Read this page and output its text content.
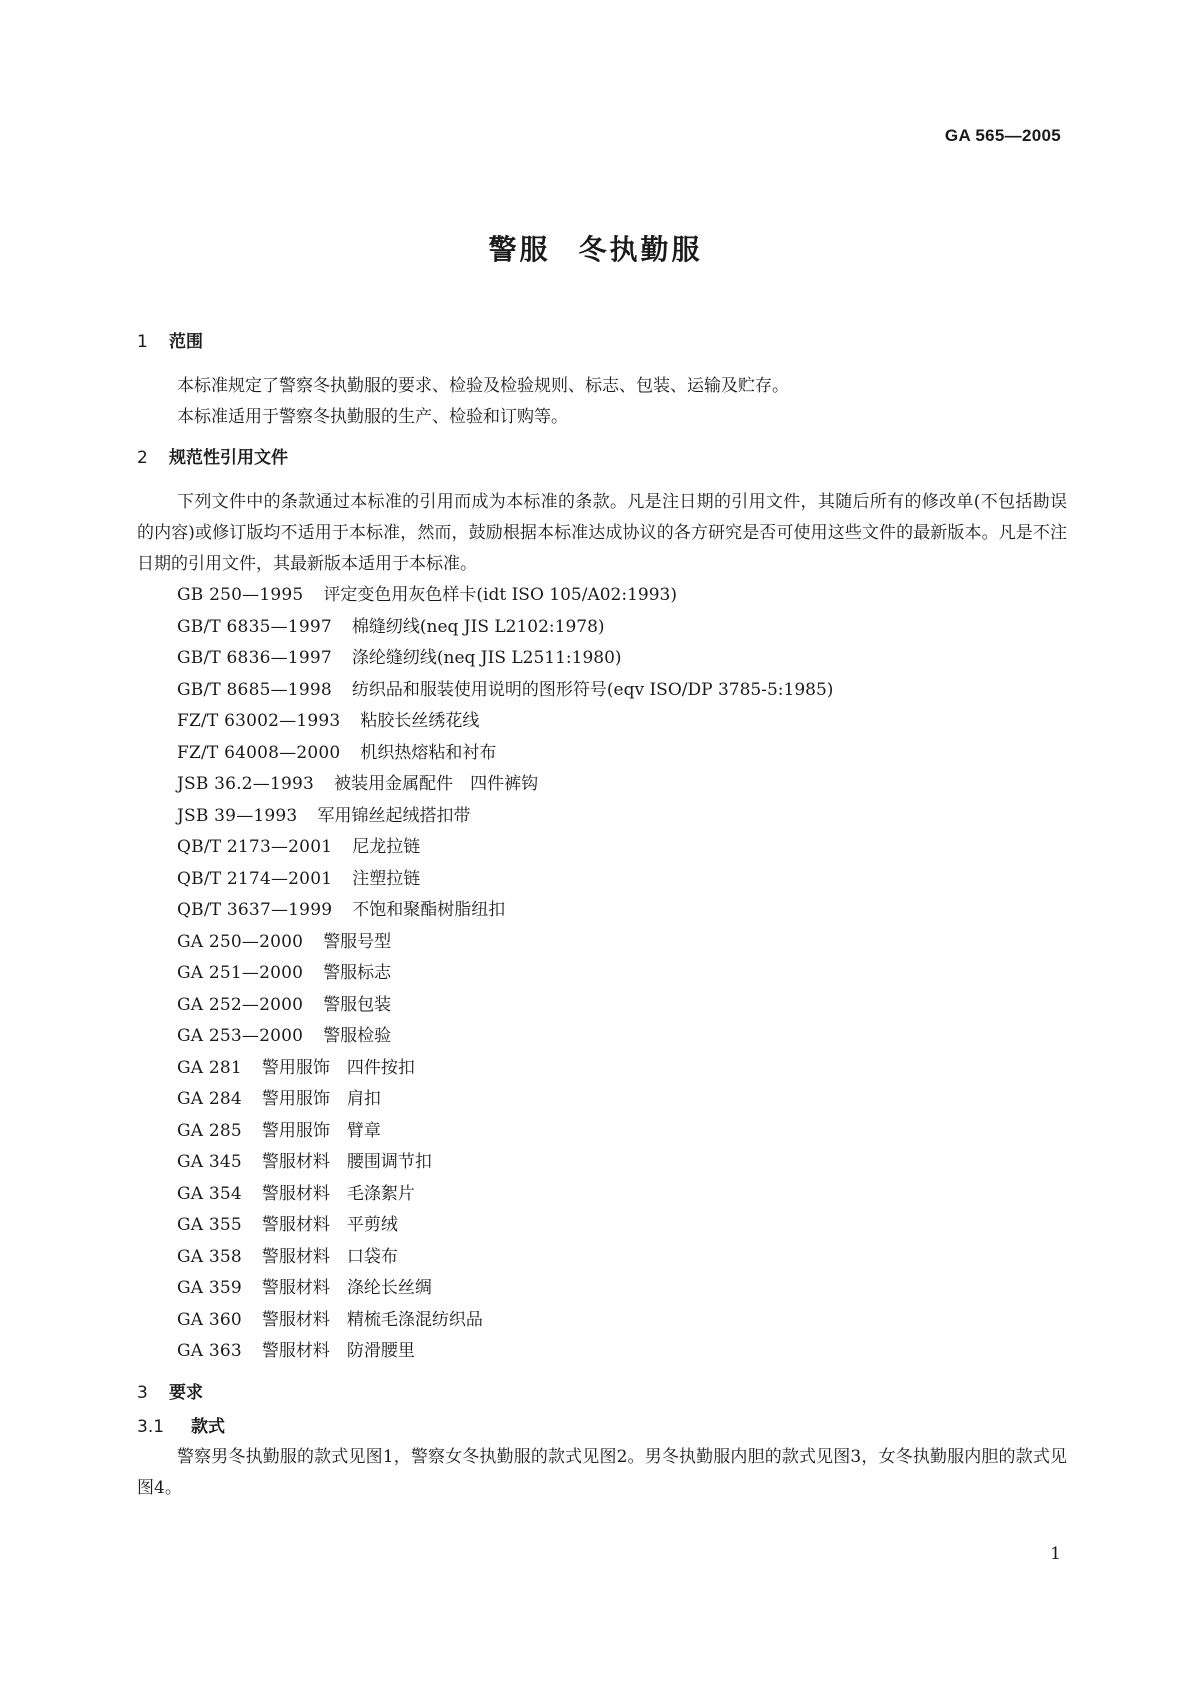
GA 565—2005
警服 冬执勤服
1 范围

本标准规定了警察冬执勤服的要求、检验及检验规则、标志、包装、运输及贮存。

本标准适用于警察冬执勤服的生产、检验和订购等。

2 规范性引用文件

下列文件中的条款通过本标准的引用而成为本标准的条款。凡是注日期的引用文件，其随后所有的修改单(不包括勘误的内容)或修订版均不适用于本标准，然而，鼓励根据本标准达成协议的各方研究是否可使用这些文件的最新版本。凡是不注日期的引用文件，其最新版本适用于本标准。

GB 250—1995 评定变色用灰色样卡(idt ISO 105/A02:1993)
GB/T 6835—1997 棉缝纫线(neq JIS L2102:1978)
GB/T 6836—1997 涤纶缝纫线(neq JIS L2511:1980)
GB/T 8685—1998 纺织品和服装使用说明的图形符号(eqv ISO/DP 3785-5:1985)
FZ/T 63002—1993 粘胶长丝绣花线
FZ/T 64008—2000 机织热熔粘和衬布
JSB 36.2—1993 被装用金属配件　四件裤钩
JSB 39—1993 军用锦丝起绒搭扣带
QB/T 2173—2001 尼龙拉链
QB/T 2174—2001 注塑拉链
QB/T 3637—1999 不饱和聚酯树脂纽扣
GA 250—2000 警服号型
GA 251—2000 警服标志
GA 252—2000 警服包装
GA 253—2000 警服检验
GA 281 警用服饰　四件按扣
GA 284 警用服饰　肩扣
GA 285 警用服饰　臂章
GA 345 警服材料　腰围调节扣
GA 354 警服材料　毛涤絮片
GA 355 警服材料　平剪绒
GA 358 警服材料　口袋布
GA 359 警服材料　涤纶长丝绸
GA 360 警服材料　精梳毛涤混纺织品
GA 363 警服材料　防滑腰里
3 要求
3.1 款式

警察男冬执勤服的款式见图1，警察女冬执勤服的款式见图2。男冬执勤服内胆的款式见图3，女冬执勤服内胆的款式见图4。

1
